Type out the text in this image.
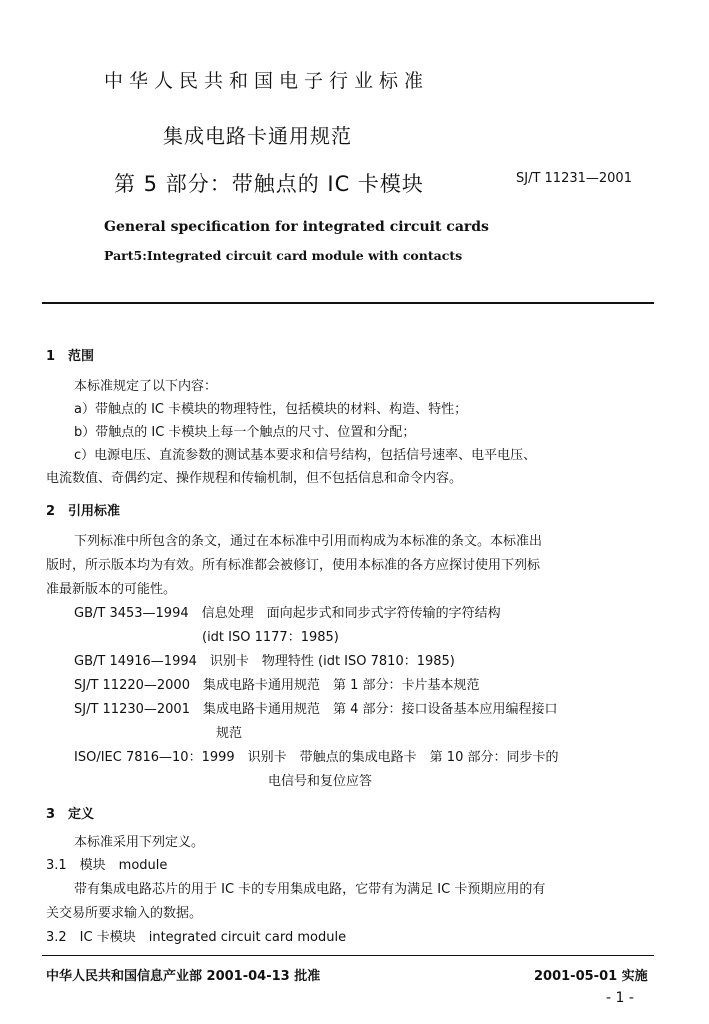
中华人民共和国电子行业标准
集成电路卡通用规范
第 5 部分：带触点的 IC 卡模块	SJ/T 11231—2001
General specification for integrated circuit cards
Part5:Integrated circuit card module with contacts
1　范围
本标准规定了以下内容：
a）带触点的 IC 卡模块的物理特性，包括模块的材料、构造、特性；
b）带触点的 IC 卡模块上每一个触点的尺寸、位置和分配；
c）电源电压、直流参数的测试基本要求和信号结构，包括信号速率、电平电压、
电流数值、奇偶约定、操作规程和传输机制，但不包括信息和命令内容。
2　引用标准
下列标准中所包含的条文，通过在本标准中引用而构成为本标准的条文。本标准出
版时，所示版本均为有效。所有标准都会被修订，使用本标准的各方应探讨使用下列标
准最新版本的可能性。
GB/T 3453—1994　信息处理　面向起步式和同步式字符传输的字符结构
(idt ISO 1177：1985)
GB/T 14916—1994　识别卡　物理特性 (idt ISO 7810：1985)
SJ/T 11220—2000　集成电路卡通用规范　第 1 部分：卡片基本规范
SJ/T 11230—2001　集成电路卡通用规范　第 4 部分：接口设备基本应用编程接口
规范
ISO/IEC 7816—10：1999　识别卡　带触点的集成电路卡　第 10 部分：同步卡的
电信号和复位应答
3　定义
本标准采用下列定义。
3.1　模块　module
带有集成电路芯片的用于 IC 卡的专用集成电路，它带有为满足 IC 卡预期应用的有
关交易所要求输入的数据。
3.2　IC 卡模块　integrated circuit card module
中华人民共和国信息产业部 2001-04-13 批准	2001-05-01 实施
- 1 -
